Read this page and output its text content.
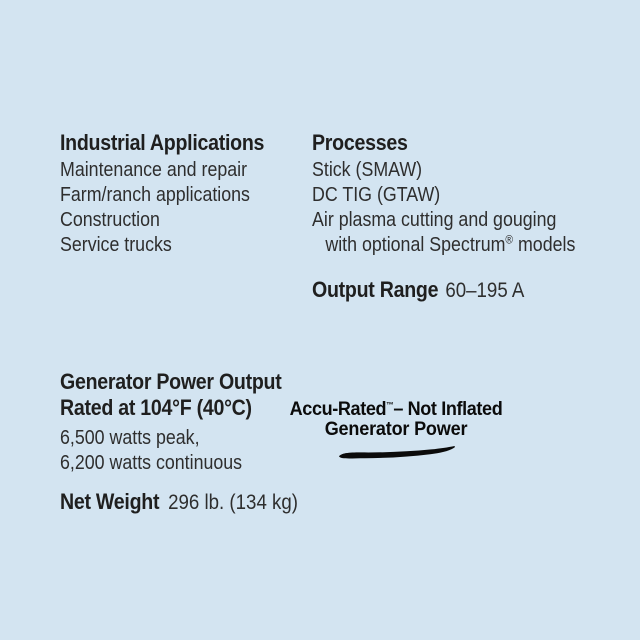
Industrial Applications
Maintenance and repair
Farm/ranch applications
Construction
Service trucks
Processes
Stick (SMAW)
DC TIG (GTAW)
Air plasma cutting and gouging
with optional Spectrum® models
Output Range 60–195 A
Generator Power Output
Rated at 104°F (40°C)
6,500 watts peak,
6,200 watts continuous
Accu-Rated™– Not Inflated
Generator Power
Net Weight 296 lb. (134 kg)
